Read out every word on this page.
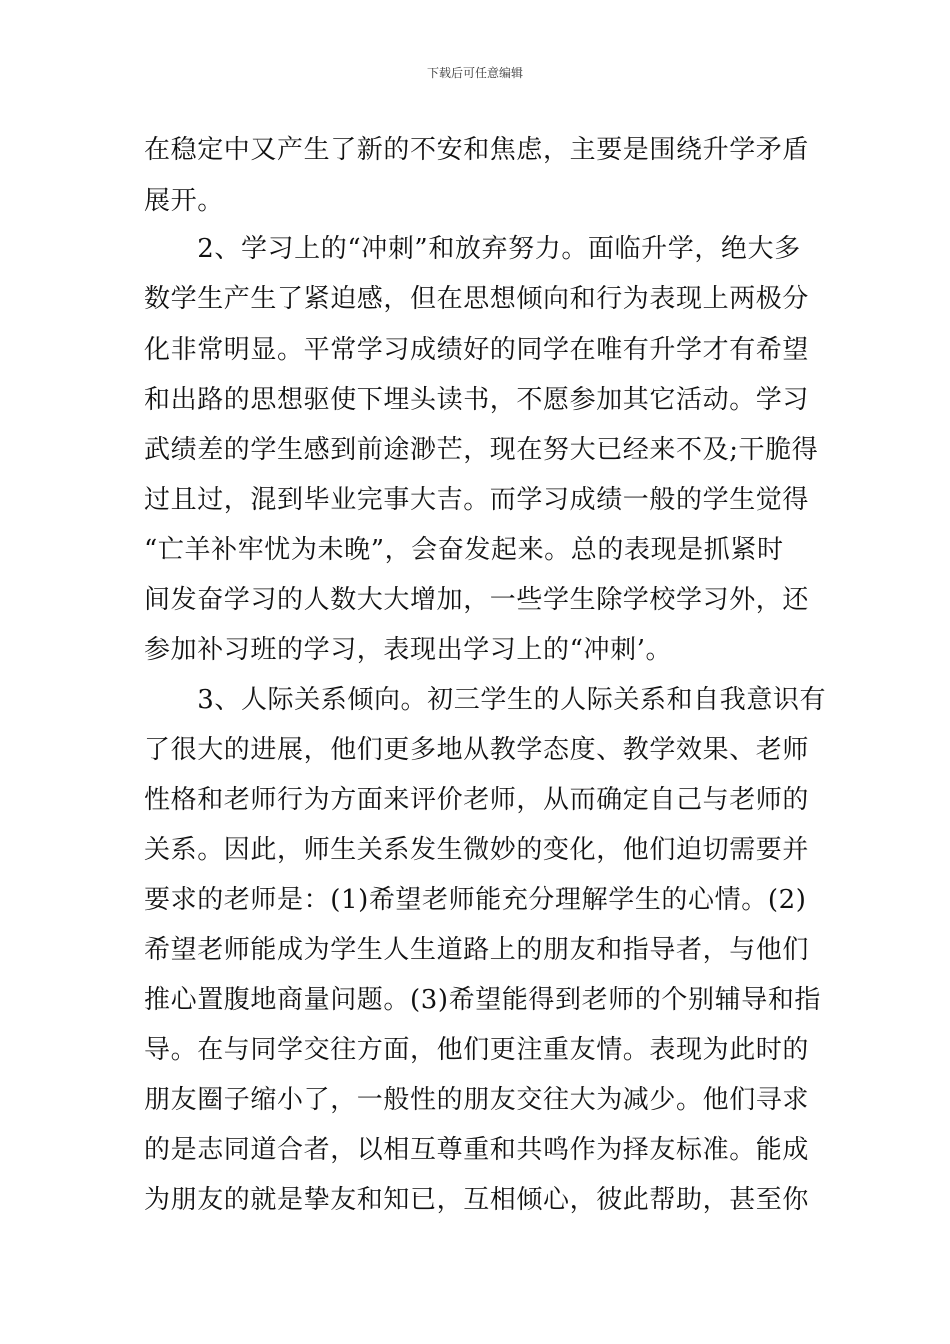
下载后可任意编辑
在稳定中又产生了新的不安和焦虑，主要是围绕升学矛盾
展开。
　　2、学习上的“冲刺”和放弃努力。面临升学，绝大多
数学生产生了紧迫感，但在思想倾向和行为表现上两极分
化非常明显。平常学习成绩好的同学在唯有升学才有希望
和出路的思想驱使下埋头读书，不愿参加其它活动。学习
武绩差的学生感到前途渺芒，现在努大已经来不及;干脆得
过且过，混到毕业完事大吉。而学习成绩一般的学生觉得
“亡羊补牢忧为未晚”，会奋发起来。总的表现是抓紧时
间发奋学习的人数大大增加，一些学生除学校学习外，还
参加补习班的学习，表现出学习上的“冲刺’。
　　3、人际关系倾向。初三学生的人际关系和自我意识有
了很大的进展，他们更多地从教学态度、教学效果、老师
性格和老师行为方面来评价老师，从而确定自己与老师的
关系。因此，师生关系发生微妙的变化，他们迫切需要并
要求的老师是：(1)希望老师能充分理解学生的心情。(2)
希望老师能成为学生人生道路上的朋友和指导者，与他们
推心置腹地商量问题。(3)希望能得到老师的个别辅导和指
导。在与同学交往方面，他们更注重友情。表现为此时的
朋友圈子缩小了，一般性的朋友交往大为减少。他们寻求
的是志同道合者，以相互尊重和共鸣作为择友标准。能成
为朋友的就是挚友和知已，互相倾心，彼此帮助，甚至你
